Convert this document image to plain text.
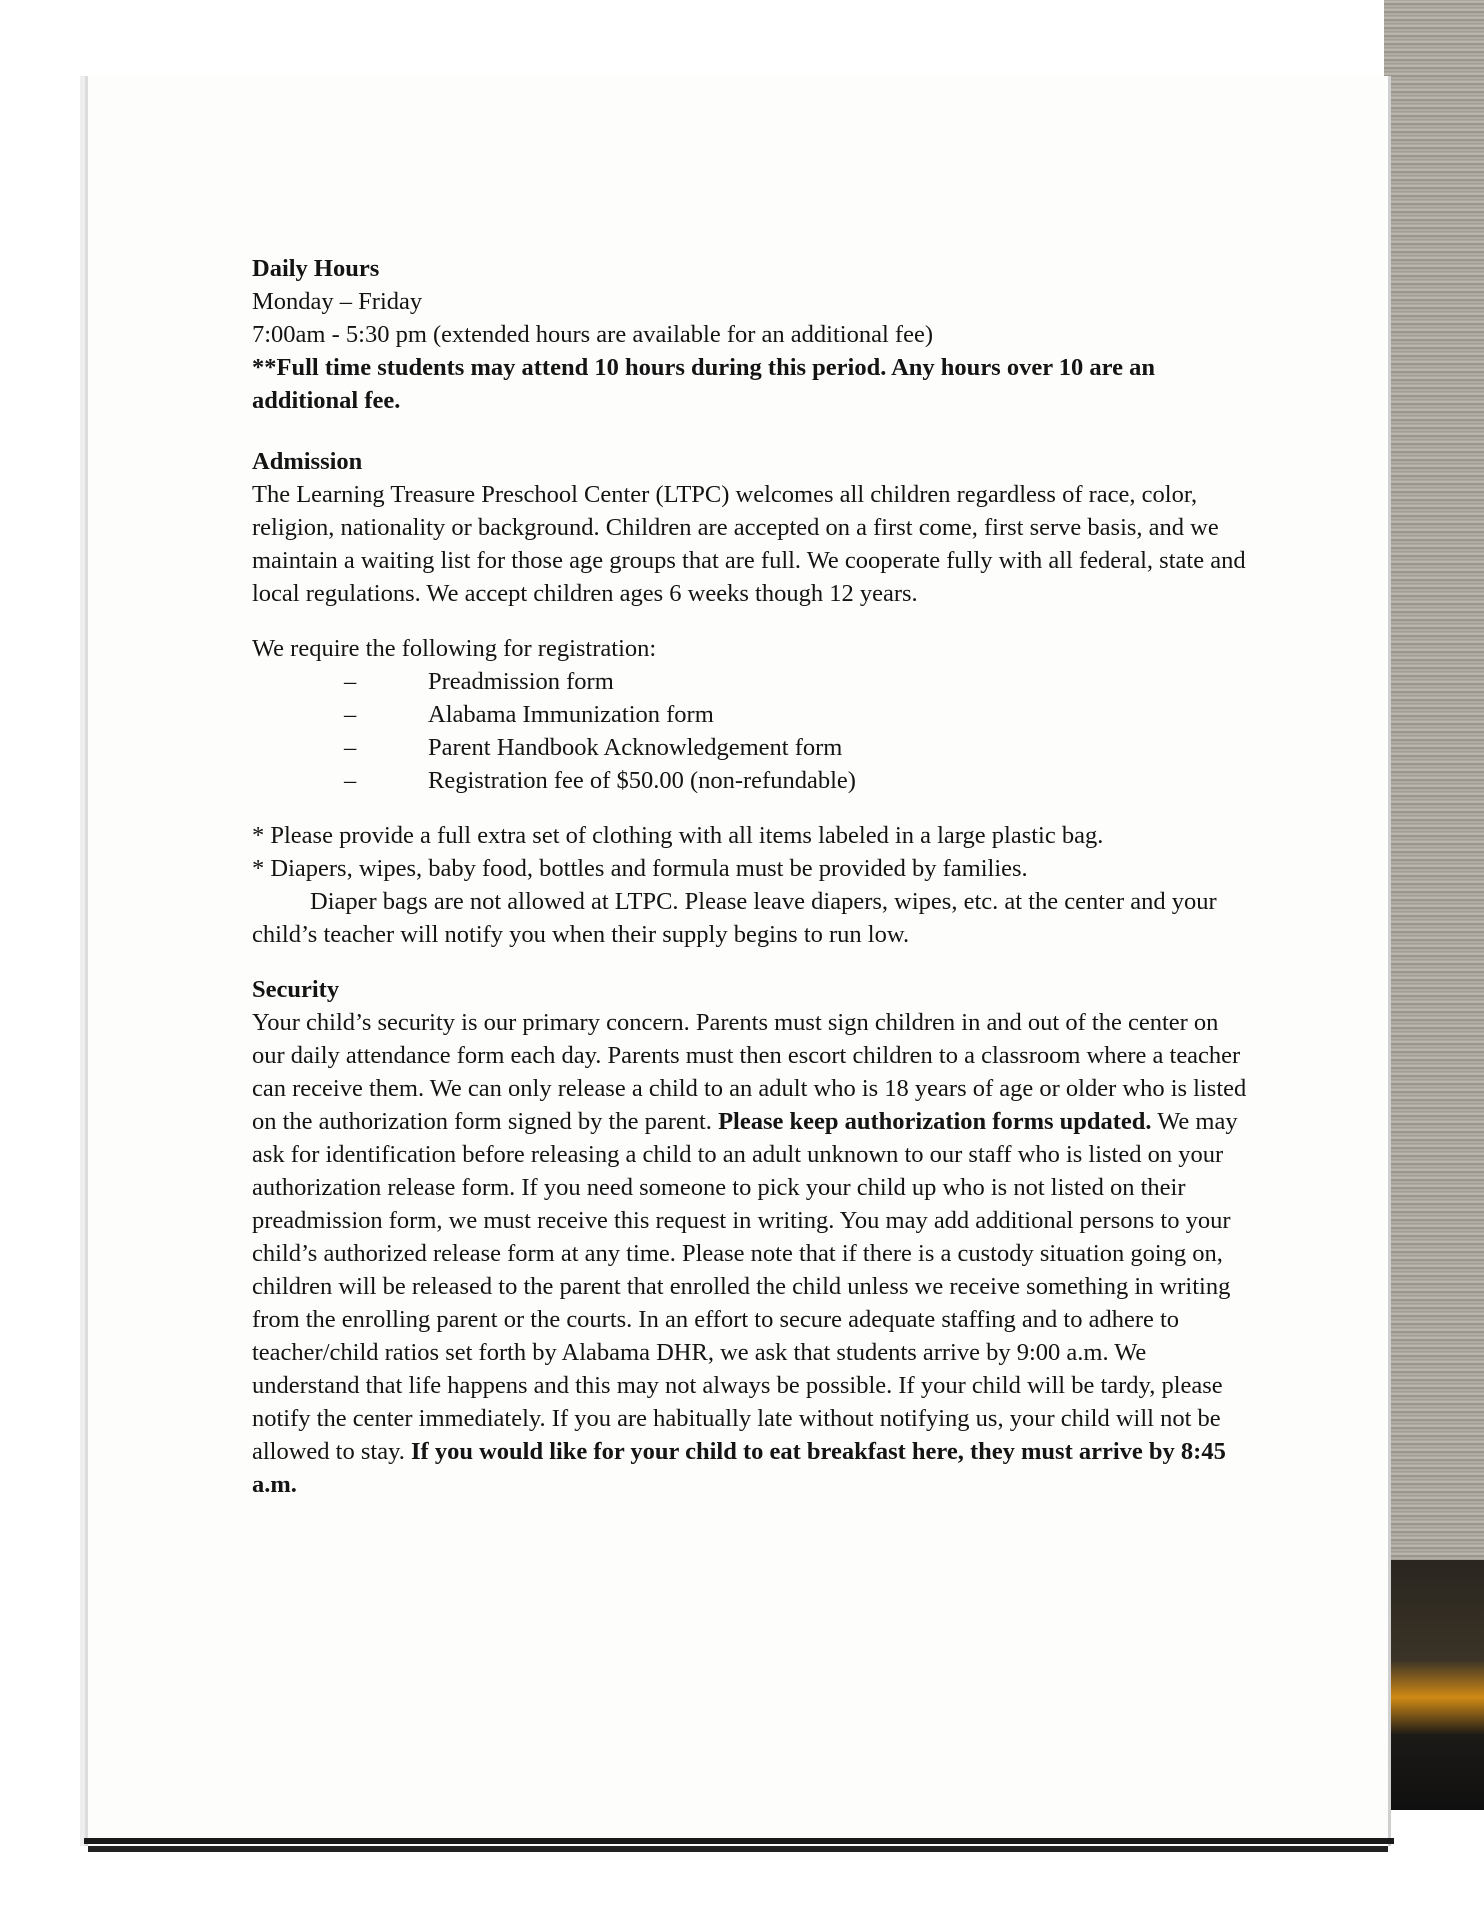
Daily Hours

Monday – Friday

7:00am - 5:30 pm (extended hours are available for an additional fee)

**Full time students may attend 10 hours during this period. Any hours over 10 are an additional fee.

Admission

The Learning Treasure Preschool Center (LTPC) welcomes all children regardless of race, color, religion, nationality or background. Children are accepted on a first come, first serve basis, and we maintain a waiting list for those age groups that are full. We cooperate fully with all federal, state and local regulations. We accept children ages 6 weeks though 12 years.

We require the following for registration:

–	Preadmission form
–	Alabama Immunization form
–	Parent Handbook Acknowledgement form
–	Registration fee of $50.00 (non-refundable)

* Please provide a full extra set of clothing with all items labeled in a large plastic bag.

* Diapers, wipes, baby food, bottles and formula must be provided by families.

Diaper bags are not allowed at LTPC. Please leave diapers, wipes, etc. at the center and your child’s teacher will notify you when their supply begins to run low.

Security

Your child’s security is our primary concern. Parents must sign children in and out of the center on our daily attendance form each day. Parents must then escort children to a classroom where a teacher can receive them. We can only release a child to an adult who is 18 years of age or older who is listed on the authorization form signed by the parent. Please keep authorization forms updated. We may ask for identification before releasing a child to an adult unknown to our staff who is listed on your authorization release form. If you need someone to pick your child up who is not listed on their preadmission form, we must receive this request in writing. You may add additional persons to your child’s authorized release form at any time. Please note that if there is a custody situation going on, children will be released to the parent that enrolled the child unless we receive something in writing from the enrolling parent or the courts. In an effort to secure adequate staffing and to adhere to teacher/child ratios set forth by Alabama DHR, we ask that students arrive by 9:00 a.m. We understand that life happens and this may not always be possible. If your child will be tardy, please notify the center immediately. If you are habitually late without notifying us, your child will not be allowed to stay. If you would like for your child to eat breakfast here, they must arrive by 8:45 a.m.
